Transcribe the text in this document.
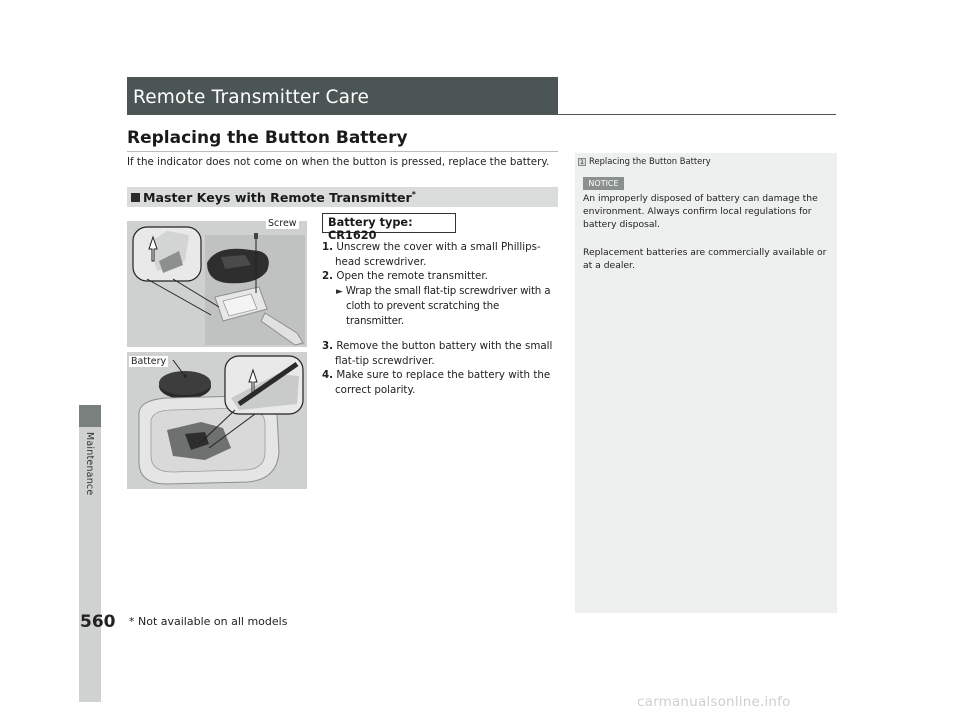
Maintenance
Remote Transmitter Care
Replacing the Button Battery
If the indicator does not come on when the button is pressed, replace the battery.
Master Keys with Remote Transmitter*
Screw
Battery
Battery type: CR1620
1. Unscrew the cover with a small Phillips-head screwdriver.
2. Open the remote transmitter.
► Wrap the small flat-tip screwdriver with a cloth to prevent scratching the transmitter.
3. Remove the button battery with the small flat-tip screwdriver.
4. Make sure to replace the battery with the correct polarity.
1 Replacing the Button Battery
NOTICE
An improperly disposed of battery can damage the environment. Always confirm local regulations for battery disposal.
Replacement batteries are commercially available or at a dealer.
560 * Not available on all models
carmanualsonline.info
